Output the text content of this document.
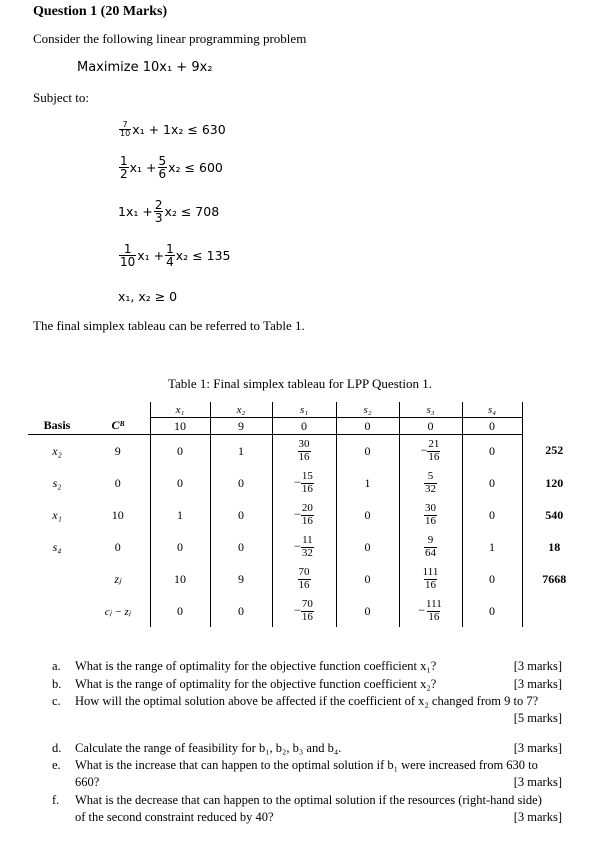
Question 1 (20 Marks)
Consider the following linear programming problem
Maximize 10x₁ + 9x₂
Subject to:
$\frac{7}{10} x_1$ +
1x₂
≤ 630
$\frac{1}{2} x_1 + \frac{5}{6} x_2$
≤ 600
$1x_1 + \frac{2}{3} x_2$
≤ 708
$\frac{1}{10} x_1 + \frac{1}{4} x_2$
≤ 135
x₁, x₂ ≥ 0
The final simplex tableau can be referred to Table 1.
Table 1: Final simplex tableau for LPP Question 1.
		x₁	x₂	s₁	s₂	s₃	s₄	
Basis	Cᴮ	10	9	0	0	0	0	
x₂	9	0	1	$\frac{30}{16}$	0	− $\frac{21}{16}$	0	252
s₂	0	0	0	− $\frac{15}{16}$	1	$\frac{5}{32}$	0	120
x₁	10	1	0	− $\frac{20}{16}$	0	$\frac{30}{16}$	0	540
s₄	0	0	0	− $\frac{11}{32}$	0	$\frac{9}{64}$	1	18
	zⱼ	10	9	$\frac{70}{16}$	0	$\frac{111}{16}$	0	7668
	cⱼ − zⱼ	0	0	− $\frac{70}{16}$	0	− $\frac{111}{16}$	0	
a. What is the range of optimality for the objective function coefficient x₁?	[3 marks]
b. What is the range of optimality for the objective function coefficient x₂?	[3 marks]
c. How will the optimal solution above be affected if the coefficient of x₂ changed from 9 to 7?
[5 marks]
d. Calculate the range of feasibility for b₁, b₂, b₃ and b₄.	[3 marks]
e. What is the increase that can happen to the optimal solution if b₁ were increased from 630 to
660?	[3 marks]
f. What is the decrease that can happen to the optimal solution if the resources (right-hand side)
of the second constraint reduced by 40?	[3 marks]
